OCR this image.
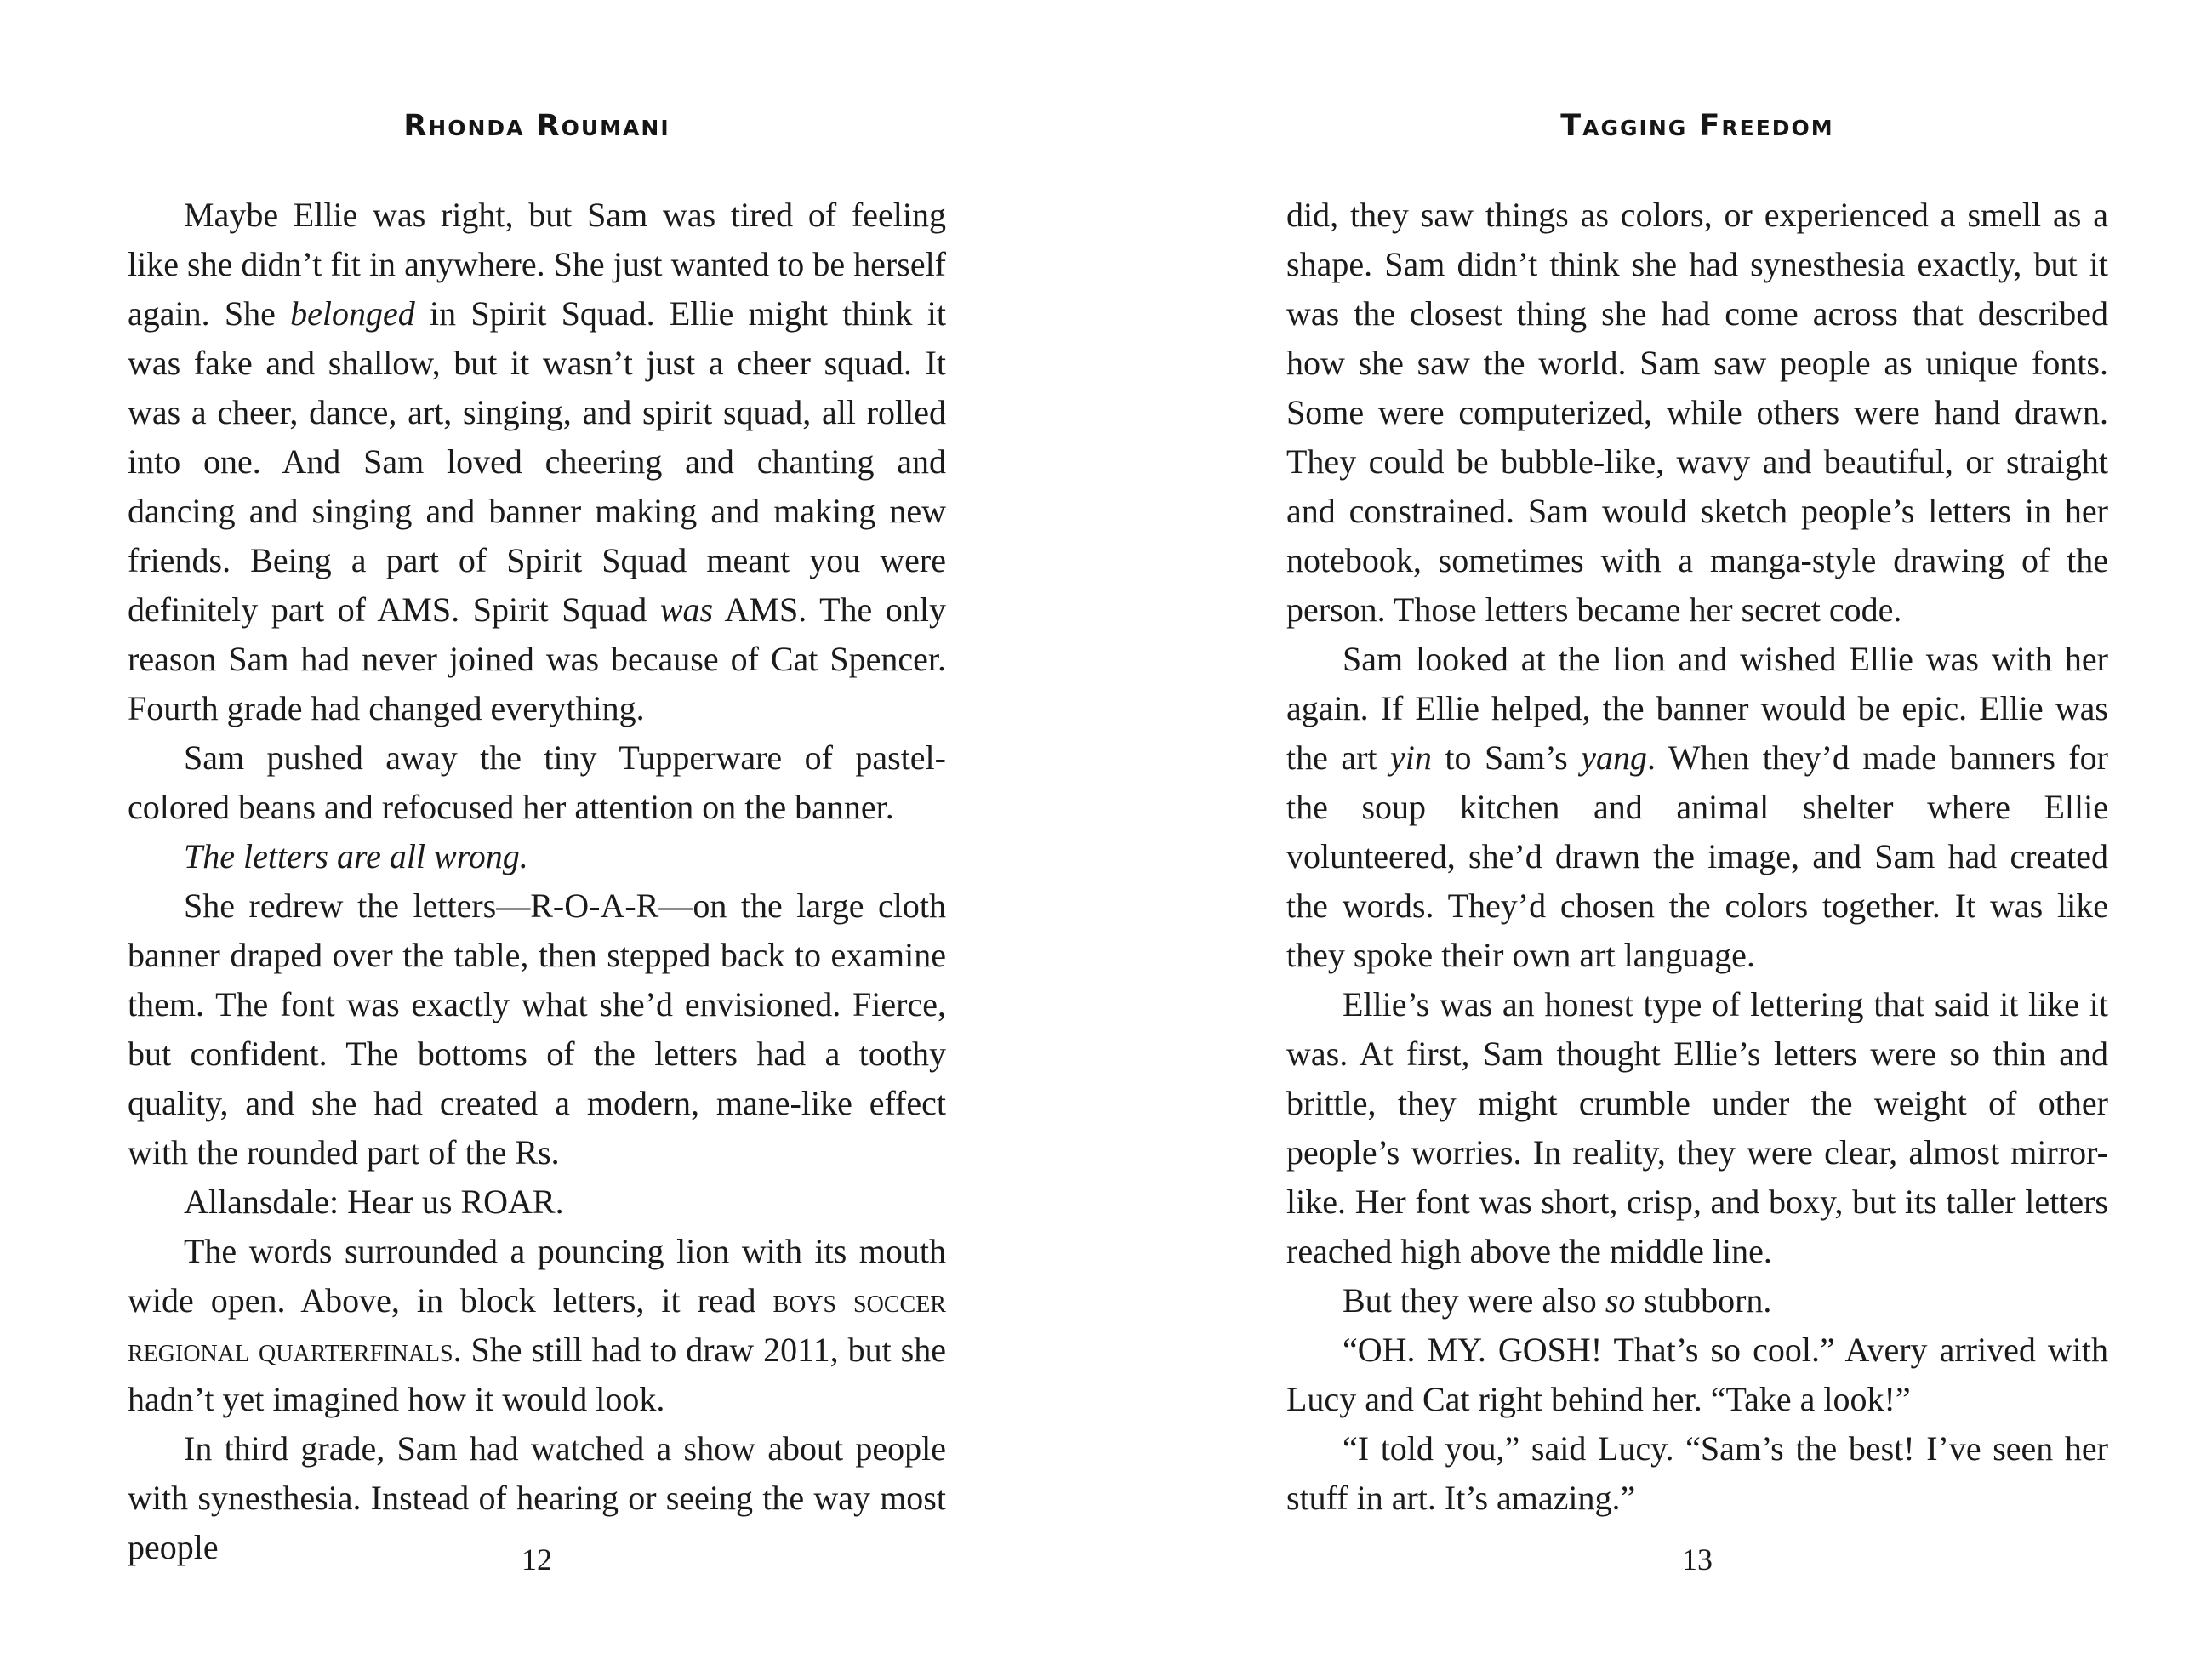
Rhonda Roumani

Maybe Ellie was right, but Sam was tired of feeling like she didn’t fit in anywhere. She just wanted to be herself again. She belonged in Spirit Squad. Ellie might think it was fake and shallow, but it wasn’t just a cheer squad. It was a cheer, dance, art, singing, and spirit squad, all rolled into one. And Sam loved cheering and chanting and dancing and singing and banner making and making new friends. Being a part of Spirit Squad meant you were definitely part of AMS. Spirit Squad was AMS. The only reason Sam had never joined was because of Cat Spencer. Fourth grade had changed everything.

Sam pushed away the tiny Tupperware of pastel-colored beans and refocused her attention on the banner.

The letters are all wrong.

She redrew the letters—R-O-A-R—on the large cloth banner draped over the table, then stepped back to examine them. The font was exactly what she’d envisioned. Fierce, but confident. The bottoms of the letters had a toothy quality, and she had created a modern, mane-like effect with the rounded part of the Rs.

Allansdale: Hear us ROAR.

The words surrounded a pouncing lion with its mouth wide open. Above, in block letters, it read boys soccer regional quarterfinals. She still had to draw 2011, but she hadn’t yet imagined how it would look.

In third grade, Sam had watched a show about people with synesthesia. Instead of hearing or seeing the way most people	12
Tagging Freedom

did, they saw things as colors, or experienced a smell as a shape. Sam didn’t think she had synesthesia exactly, but it was the closest thing she had come across that described how she saw the world. Sam saw people as unique fonts. Some were computerized, while others were hand drawn. They could be bubble-like, wavy and beautiful, or straight and constrained. Sam would sketch people’s letters in her notebook, sometimes with a manga-style drawing of the person. Those letters became her secret code.

Sam looked at the lion and wished Ellie was with her again. If Ellie helped, the banner would be epic. Ellie was the art yin to Sam’s yang. When they’d made banners for the soup kitchen and animal shelter where Ellie volunteered, she’d drawn the image, and Sam had created the words. They’d chosen the colors together. It was like they spoke their own art language.

Ellie’s was an honest type of lettering that said it like it was. At first, Sam thought Ellie’s letters were so thin and brittle, they might crumble under the weight of other people’s worries. In reality, they were clear, almost mirror-like. Her font was short, crisp, and boxy, but its taller letters reached high above the middle line.

But they were also so stubborn.

“OH. MY. GOSH! That’s so cool.” Avery arrived with Lucy and Cat right behind her. “Take a look!”

“I told you,” said Lucy. “Sam’s the best! I’ve seen her stuff in art. It’s amazing.”

13
